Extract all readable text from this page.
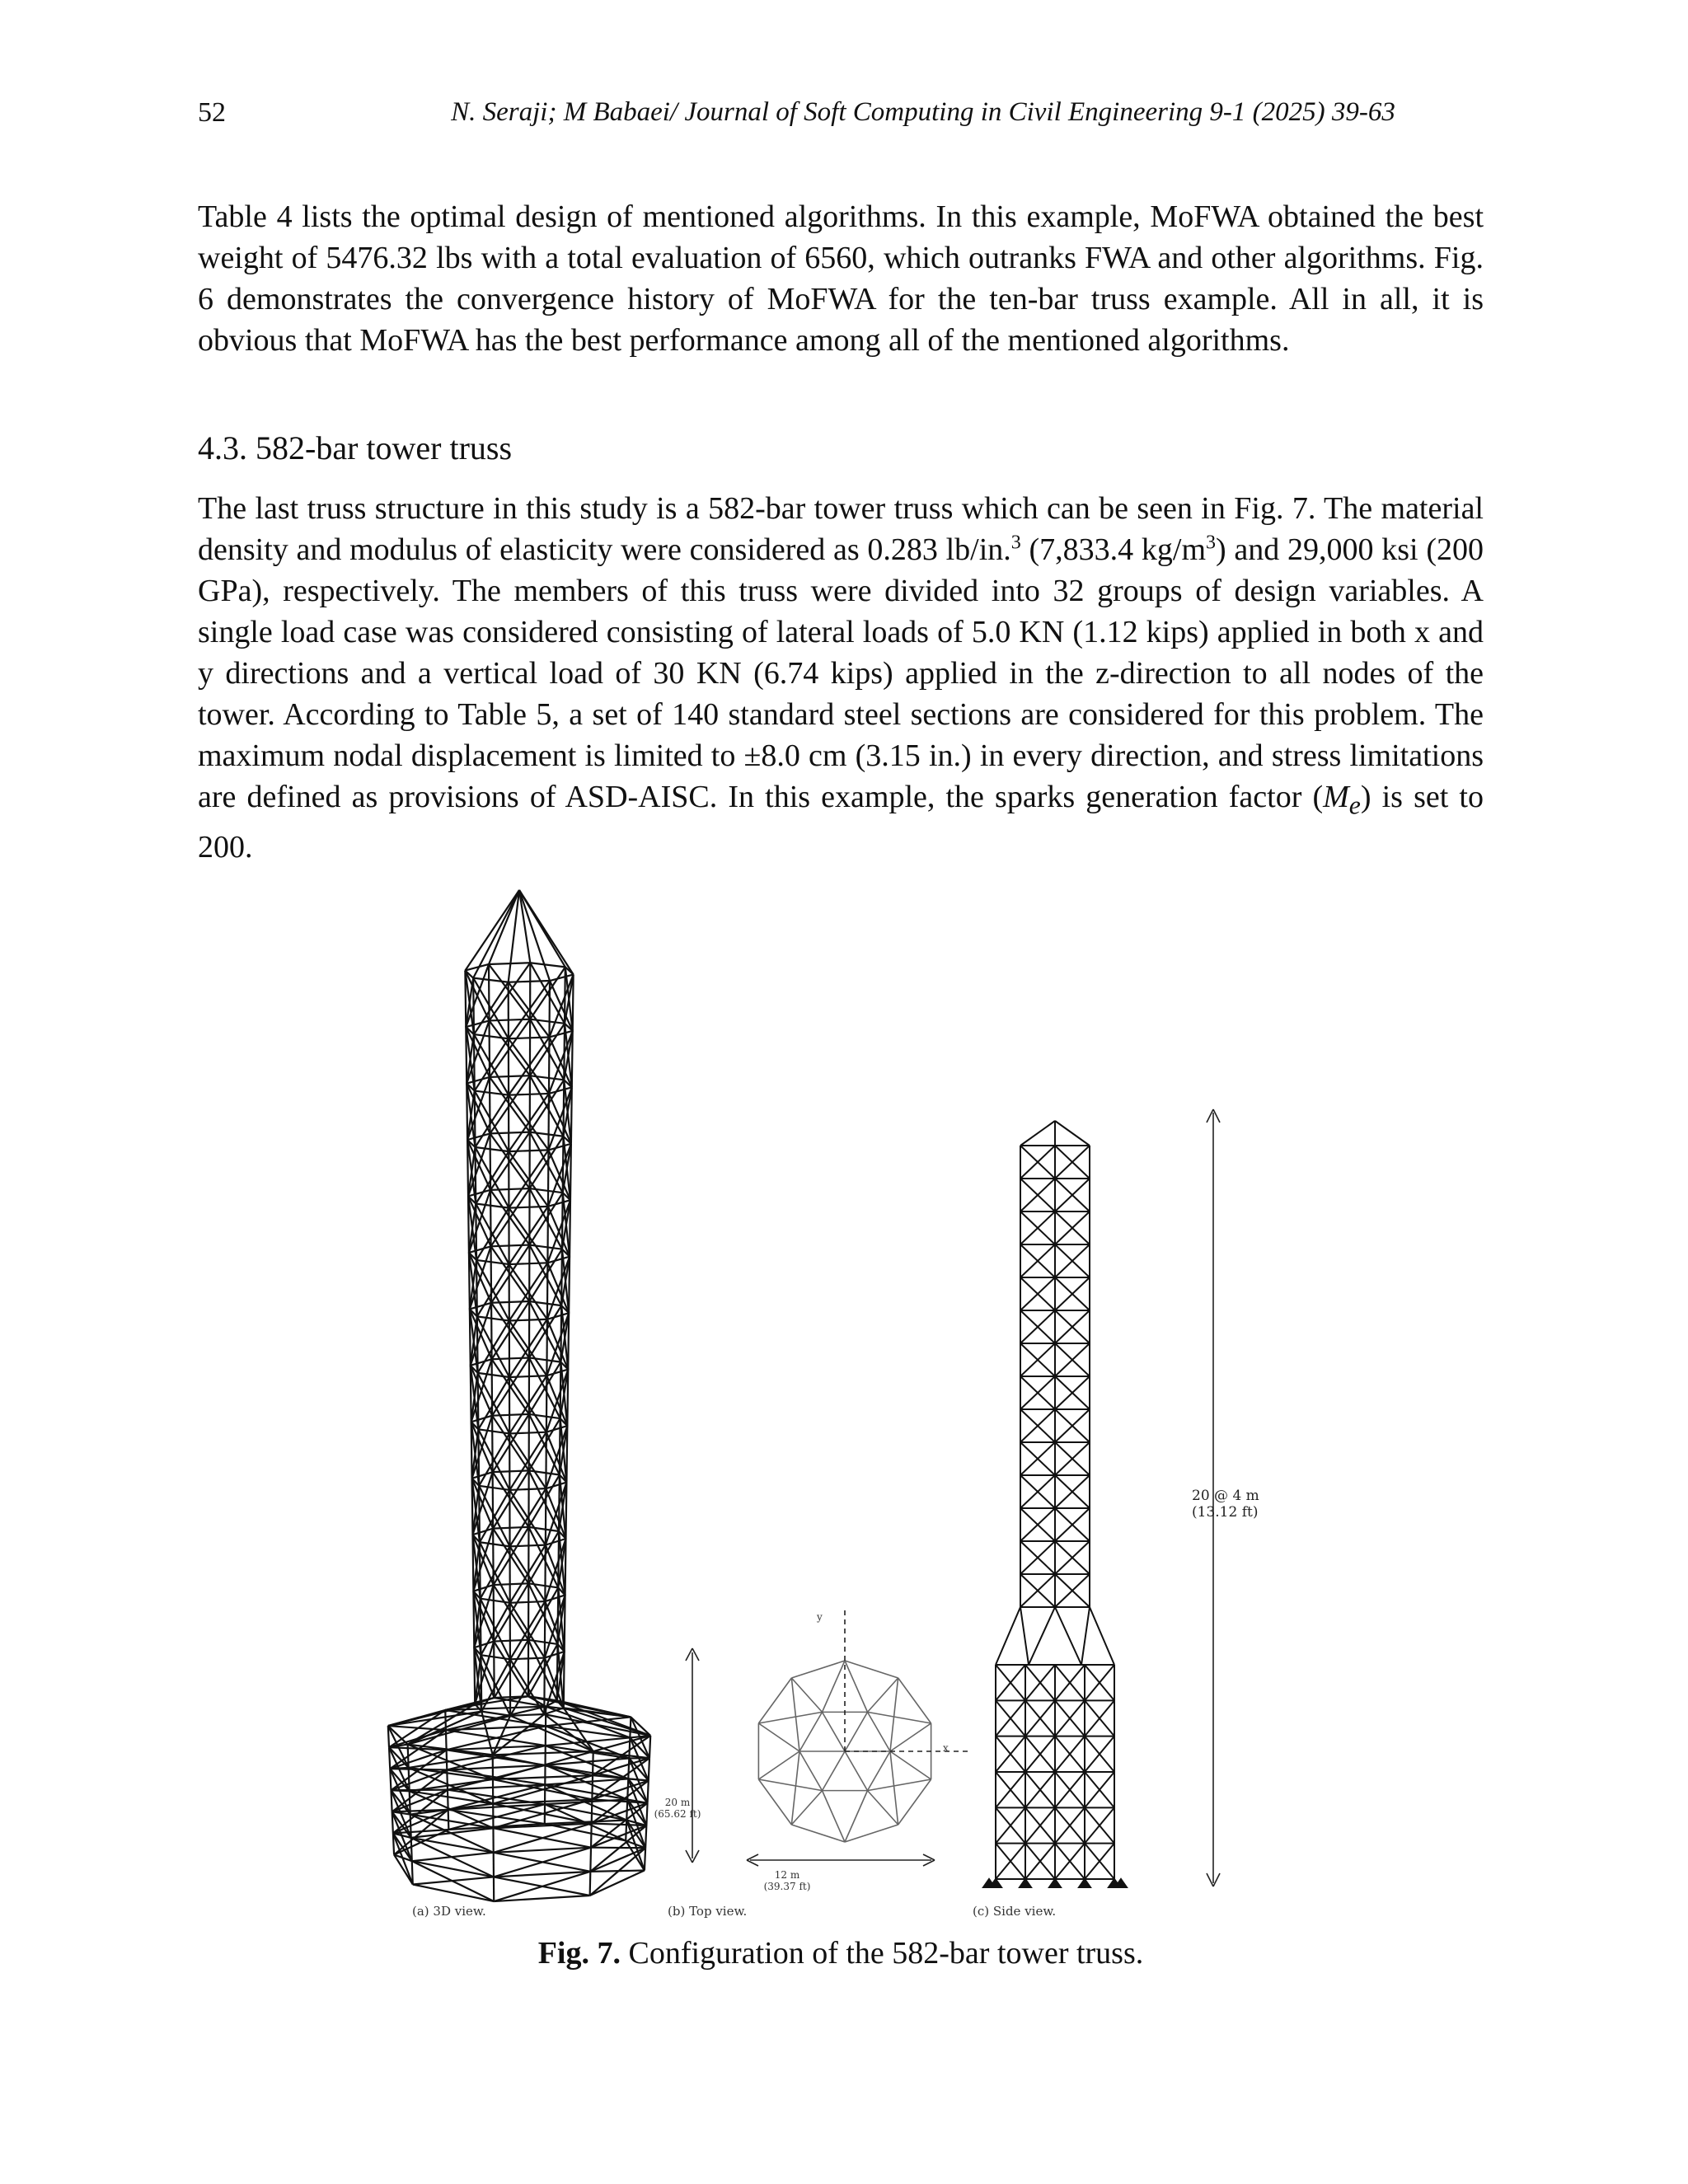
52	N. Seraji; M Babaei/ Journal of Soft Computing in Civil Engineering 9-1 (2025) 39-63

Table 4 lists the optimal design of mentioned algorithms. In this example, MoFWA obtained the best weight of 5476.32 lbs with a total evaluation of 6560, which outranks FWA and other algorithms. Fig. 6 demonstrates the convergence history of MoFWA for the ten-bar truss example. All in all, it is obvious that MoFWA has the best performance among all of the mentioned algorithms.

4.3. 582-bar tower truss

The last truss structure in this study is a 582-bar tower truss which can be seen in Fig. 7. The material density and modulus of elasticity were considered as 0.283 lb/in.$^3$ (7,833.4 $kg/m^3$) and 29,000 ksi (200 GPa), respectively. The members of this truss were divided into 32 groups of design variables. A single load case was considered consisting of lateral loads of 5.0 KN (1.12 kips) applied in both x and y directions and a vertical load of 30 KN (6.74 kips) applied in the z-direction to all nodes of the tower. According to Table 5, a set of 140 standard steel sections are considered for this problem. The maximum nodal displacement is limited to ±8.0 cm (3.15 in.) in every direction, and stress limitations are defined as provisions of ASD-AISC. In this example, the sparks generation factor $(M_e)$ is set to 200.

(a) 3D view.	(b) Top view.	(c) Side view.
20 m
(65.62 ft)
12 m
(39.37 ft)
x
y
20 @ 4 m
(13.12 ft)
Fig. 7. Configuration of the 582-bar tower truss.
